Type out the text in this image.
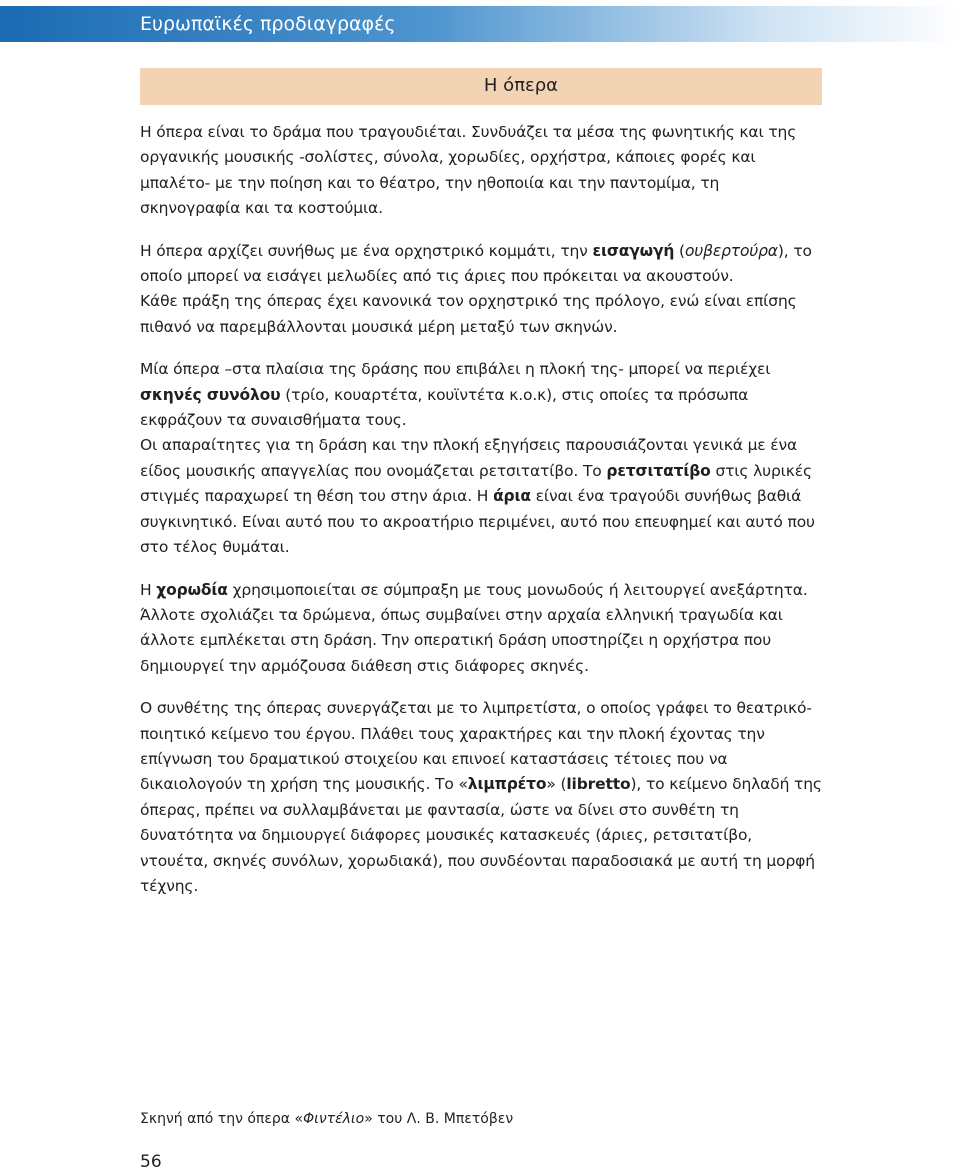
Ευρωπαϊκές προδιαγραφές
Η όπερα

Η όπερα είναι το δράμα που τραγουδιέται. Συνδυάζει τα μέσα της φωνητικής και της οργανικής μουσικής -σολίστες, σύνολα, χορωδίες, ορχήστρα, κάποιες φορές και μπαλέτο- με την ποίηση και το θέατρο, την ηθοποιία και την παντομίμα, τη σκηνογραφία και τα κοστούμια.

Η όπερα αρχίζει συνήθως με ένα ορχηστρικό κομμάτι, την εισαγωγή (ουβερτούρα), το οποίο μπορεί να εισάγει μελωδίες από τις άριες που πρόκειται να ακουστούν.

Κάθε πράξη της όπερας έχει κανονικά τον ορχηστρικό της πρόλογο, ενώ είναι επίσης πιθανό να παρεμβάλλονται μουσικά μέρη μεταξύ των σκηνών.

Μία όπερα –στα πλαίσια της δράσης που επιβάλει η πλοκή της- μπορεί να περιέχει σκηνές συνόλου (τρίο, κουαρτέτα, κουϊντέτα κ.ο.κ), στις οποίες τα πρόσωπα εκφράζουν τα συναισθήματα τους.

Οι απαραίτητες για τη δράση και την πλοκή εξηγήσεις παρουσιάζονται γενικά με ένα είδος μουσικής απαγγελίας που ονομάζεται ρετσιτατίβο. Το ρετσιτατίβο στις λυρικές στιγμές παραχωρεί τη θέση του στην άρια. Η άρια είναι ένα τραγούδι συνήθως βαθιά συγκινητικό. Είναι αυτό που το ακροατήριο περιμένει, αυτό που επευφημεί και αυτό που στο τέλος θυμάται.

Η χορωδία χρησιμοποιείται σε σύμπραξη με τους μονωδούς ή λειτουργεί ανεξάρτητα. Άλλοτε σχολιάζει τα δρώμενα, όπως συμβαίνει στην αρχαία ελληνική τραγωδία και άλλοτε εμπλέκεται στη δράση. Την οπερατική δράση υποστηρίζει η ορχήστρα που δημιουργεί την αρμόζουσα διάθεση στις διάφορες σκηνές.

Ο συνθέτης της όπερας συνεργάζεται με το λιμπρετίστα, ο οποίος γράφει το θεατρικό-ποιητικό κείμενο του έργου. Πλάθει τους χαρακτήρες και την πλοκή έχοντας την επίγνωση του δραματικού στοιχείου και επινοεί καταστάσεις τέτοιες που να δικαιολογούν τη χρήση της μουσικής. Το «λιμπρέτο» (libretto), το κείμενο δηλαδή της όπερας, πρέπει να συλλαμβάνεται με φαντασία, ώστε να δίνει στο συνθέτη τη δυνατότητα να δημιουργεί διάφορες μουσικές κατασκευές (άριες, ρετσιτατίβο, ντουέτα, σκηνές συνόλων, χορωδιακά), που συνδέονται παραδοσιακά με αυτή τη μορφή τέχνης.

Σκηνή από την όπερα «Φιντέλιο» του Λ. Β. Μπετόβεν
56
